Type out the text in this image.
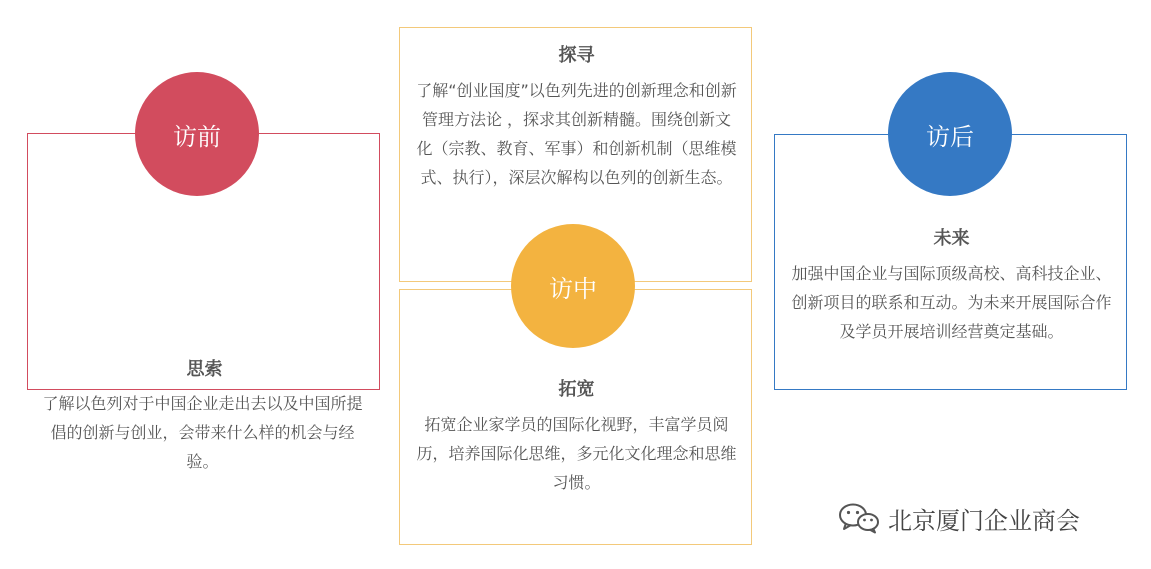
思索
了解以色列对于中国企业走出去以及中国所提倡的创新与创业，会带来什么样的机会与经验。
探寻
了解“创业国度”以色列先进的创新理念和创新管理方法论 ，探求其创新精髓。围绕创新文化（宗教、教育、军事）和创新机制（思维模式、执行），深层次解构以色列的创新生态。
拓宽
拓宽企业家学员的国际化视野，丰富学员阅历，培养国际化思维，多元化文化理念和思维习惯。
未来
加强中国企业与国际顶级高校、高科技企业、创新项目的联系和互动。为未来开展国际合作及学员开展培训经营奠定基础。
访前
访中
访后
北京厦门企业商会
